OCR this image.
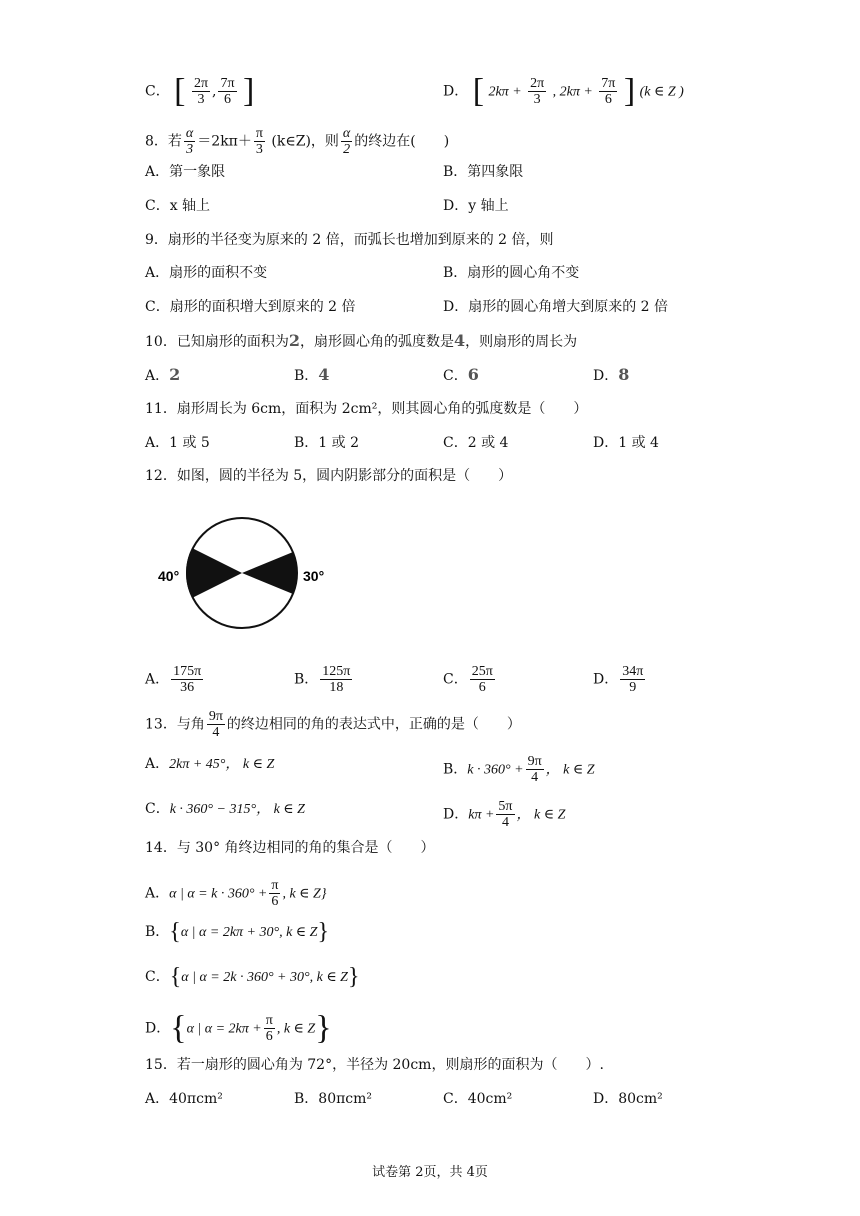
C． [ $\frac{2\pi}{3}$ , $\frac{7\pi}{6}$ ]	D． [ $2k\pi + \frac{2\pi}{3}$ , $2k\pi + \frac{7\pi}{6}$ ] (k ∈ Z )
8．若 $\frac{\alpha}{3} =2k\pi+ \frac{\pi}{3}$ (k∈Z)，则 $\frac{\alpha}{2}$ 的终边在(　　)
A．第一象限	B．第四象限
C．x 轴上	D．y 轴上
9．扇形的半径变为原来的 2 倍，而弧长也增加到原来的 2 倍，则
A．扇形的面积不变	B．扇形的圆心角不变
C．扇形的面积增大到原来的 2 倍	D．扇形的圆心角增大到原来的 2 倍
10．已知扇形的面积为2，扇形圆心角的弧度数是4，则扇形的周长为
A．2	B．4	C．6	D．8
11．扇形周长为 6cm，面积为 2cm²，则其圆心角的弧度数是（　　）
A．1 或 5	B．1 或 2	C．2 或 4	D．1 或 4
12．如图，圆的半径为 5，圆内阴影部分的面积是（　　）
40°	30°
A． $\frac{175\pi}{36}$	B． $\frac{125\pi}{18}$	C． $\frac{25\pi}{6}$	D． $\frac{34\pi}{9}$
13．与角 $\frac{9\pi}{4}$ 的终边相同的角的表达式中，正确的是（　　）
A．2kπ + 45°， k ∈ Z	B．$k \cdot 360^\circ + \frac{9\pi}{4}$ ， k ∈ Z
C．k · 360° − 315°， k ∈ Z	D．$k\pi + \frac{5\pi}{4}$ ， k ∈ Z
14．与 30° 角终边相同的角的集合是（　　）
A．α | $\alpha = k \cdot 360^\circ + \frac{\pi}{6}$ , k ∈ Z}
B．{α | α = 2kπ + 30°, k ∈ Z}
C．{α | α = 2k · 360° + 30°, k ∈ Z}
D．{α | $\alpha = 2k\pi + \frac{\pi}{6}$ , k ∈ Z}
15．若一扇形的圆心角为 72°，半径为 20cm，则扇形的面积为（　　）.
A．40πcm²	B．80πcm²	C．40cm²	D．80cm²
试卷第 2页，共 4页
